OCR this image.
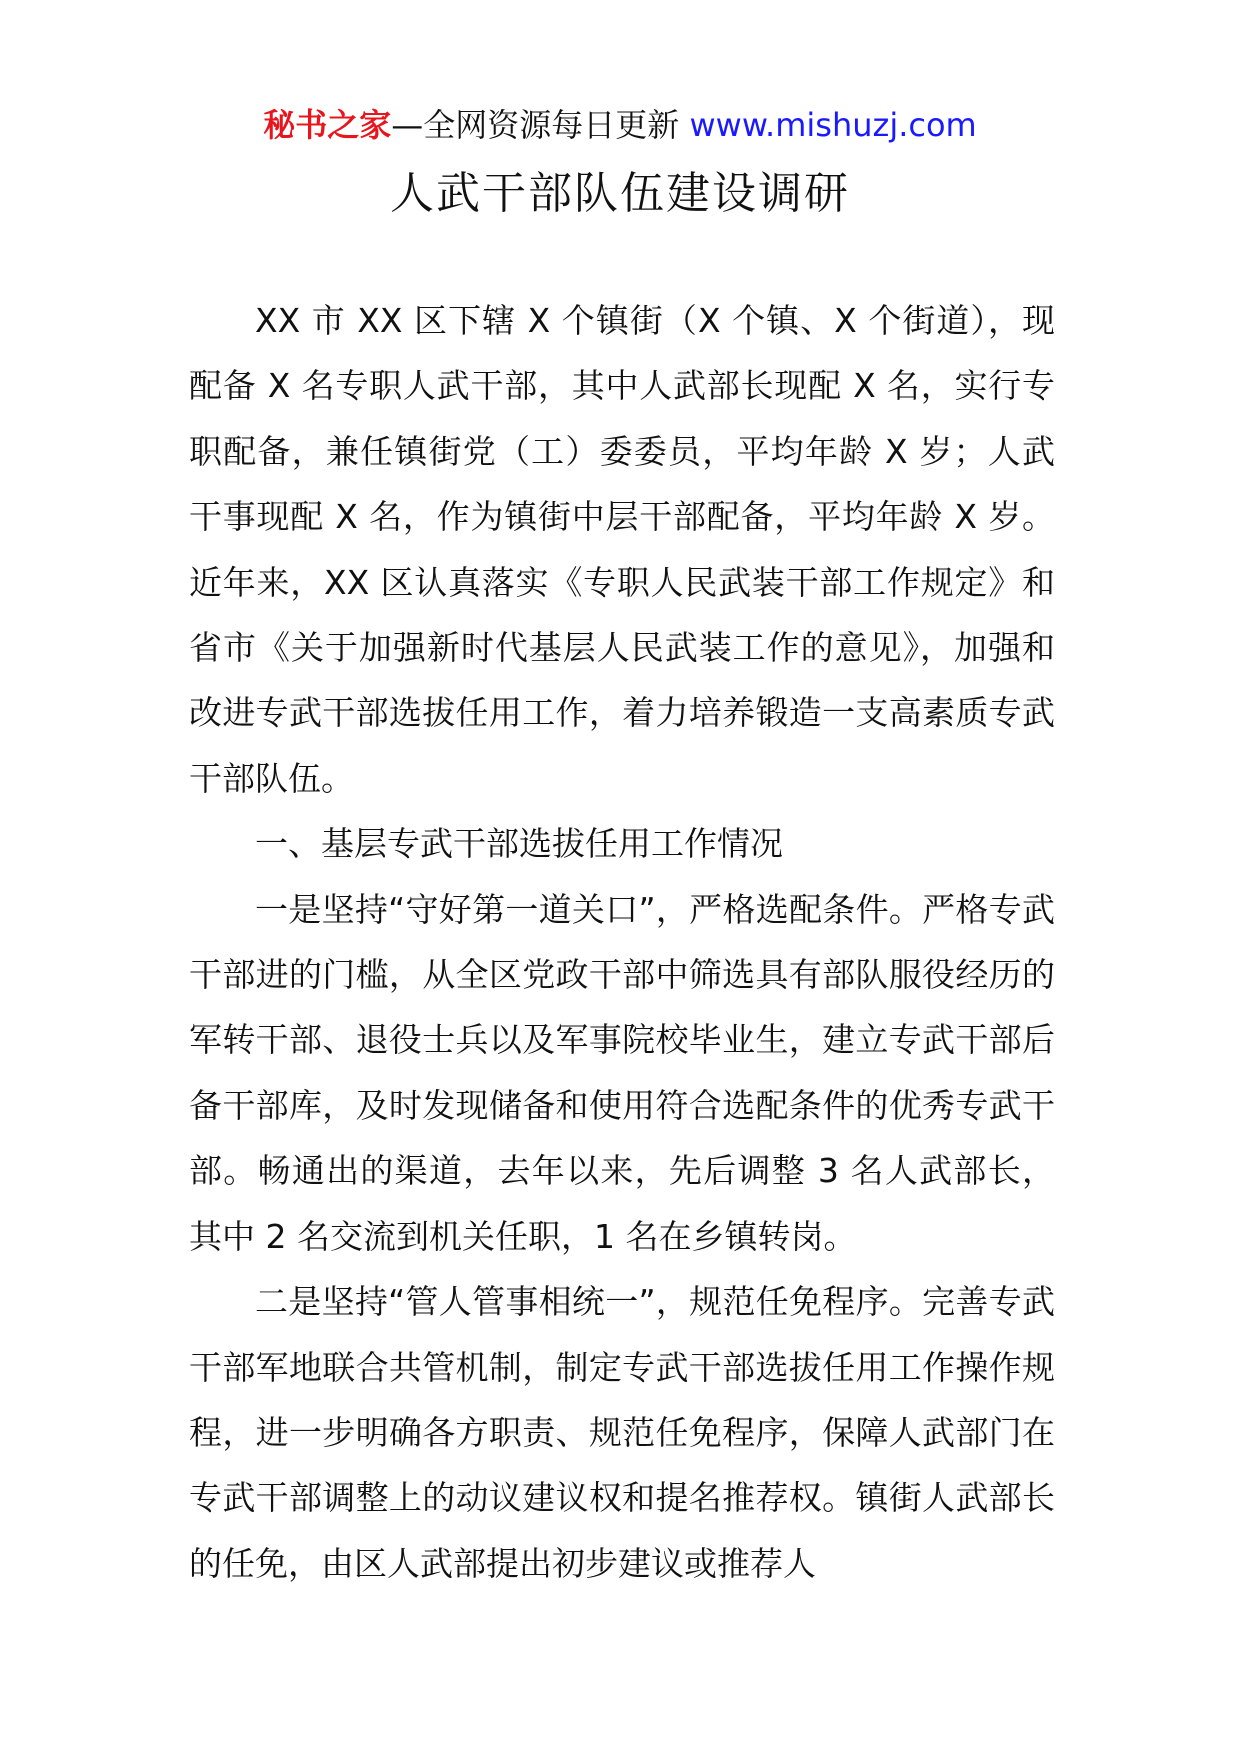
秘书之家—全网资源每日更新 www.mishuzj.com
人武干部队伍建设调研

XX 市 XX 区下辖 X 个镇街（X 个镇、X 个街道），现配备 X 名专职人武干部，其中人武部长现配 X 名，实行专职配备，兼任镇街党（工）委委员，平均年龄 X 岁；人武干事现配 X 名，作为镇街中层干部配备，平均年龄 X 岁。近年来，XX 区认真落实《专职人民武装干部工作规定》和省市《关于加强新时代基层人民武装工作的意见》，加强和改进专武干部选拔任用工作，着力培养锻造一支高素质专武干部队伍。

一、基层专武干部选拔任用工作情况

一是坚持“守好第一道关口”，严格选配条件。严格专武干部进的门槛，从全区党政干部中筛选具有部队服役经历的军转干部、退役士兵以及军事院校毕业生，建立专武干部后备干部库，及时发现储备和使用符合选配条件的优秀专武干部。畅通出的渠道，去年以来，先后调整 3 名人武部长，其中 2 名交流到机关任职，1 名在乡镇转岗。

二是坚持“管人管事相统一”，规范任免程序。完善专武干部军地联合共管机制，制定专武干部选拔任用工作操作规程，进一步明确各方职责、规范任免程序，保障人武部门在专武干部调整上的动议建议权和提名推荐权。镇街人武部长的任免，由区人武部提出初步建议或推荐人
